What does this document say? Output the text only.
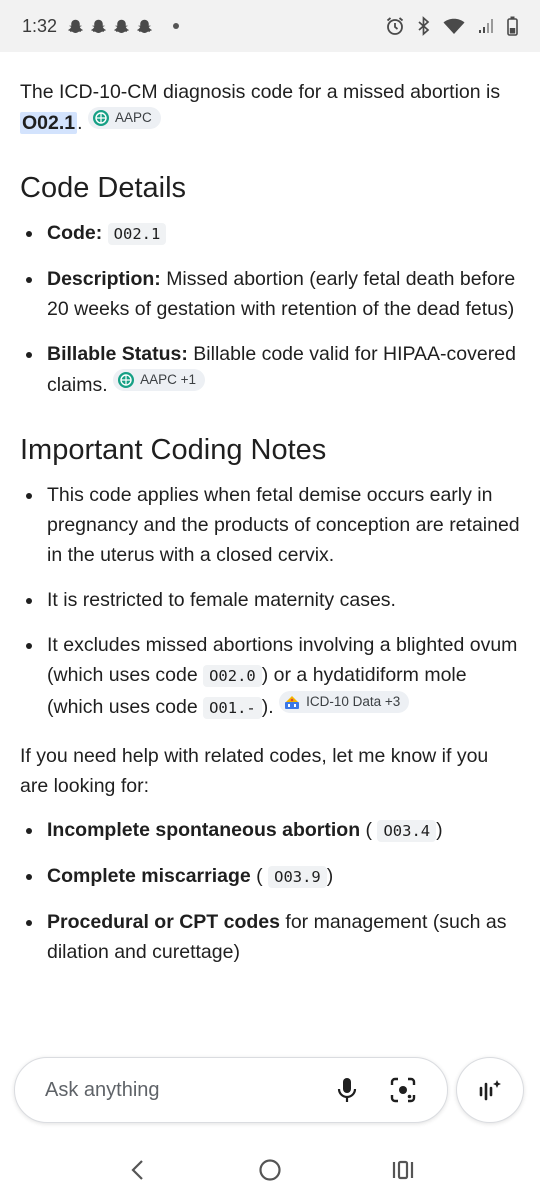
1:32

The ICD-10-CM diagnosis code for a missed abortion is O02.1 . AAPC

Code Details
Code: O02.1
Description: Missed abortion (early fetal death before 20 weeks of gestation with retention of the dead fetus)
Billable Status: Billable code valid for HIPAA-covered claims. AAPC +1
Important Coding Notes
This code applies when fetal demise occurs early in pregnancy and the products of conception are retained in the uterus with a closed cervix.
It is restricted to female maternity cases.
It excludes missed abortions involving a blighted ovum (which uses code O02.0 ) or a hydatidiform mole (which uses code O01.- ). ICD-10 Data +3

If you need help with related codes, let me know if you are looking for:

Incomplete spontaneous abortion ( O03.4 )
Complete miscarriage ( O03.9 )
Procedural or CPT codes for management (such as dilation and curettage)
Ask anything
